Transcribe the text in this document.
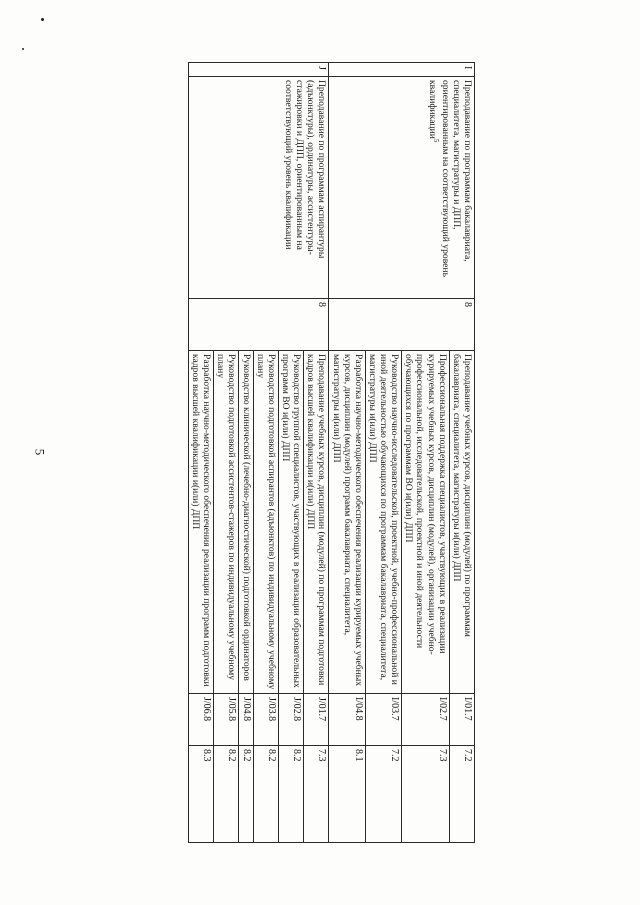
5
I	Преподавание по программам бакалавриата, специалитета, магистратуры и ДПП, ориентированным на соответствующий уровень квалификации$^5$	8	Преподавание учебных курсов, дисциплин (модулей) по программам бакалавриата, специалитета, магистратуры и(или) ДПП	I/01.7	7.2
			Профессиональная поддержка специалистов, участвующих в реализации курируемых учебных курсов, дисциплин (модулей), организации учебно-профессиональной, исследовательской, проектной и иной деятельности обучающихся по программам ВО и(или) ДПП	I/02.7	7.3
			Руководство научно-исследовательской, проектной, учебно-профессиональной и иной деятельностью обучающихся по программам бакалавриата, специалитета, магистратуры и(или) ДПП	I/03.7	7.2
			Разработка научно-методического обеспечения реализации курируемых учебных курсов, дисциплин (модулей) программ бакалавриата, специалитета, магистратуры и(или) ДПП	I/04.8	8.1
J	Преподавание по программам аспирантуры (адъюнктуры), ординатуры, ассистентуры-стажировки и ДПП, ориентированным на соответствующий уровень квалификации	8	Преподавание учебных курсов, дисциплин (модулей) по программам подготовки кадров высшей квалификации и(или) ДПП	J/01.7	7.3
			Руководство группой специалистов, участвующих в реализации образовательных программ ВО и(или) ДПП	J/02.8	8.2
			Руководство подготовкой аспирантов (адъюнктов) по индивидуальному учебному плану	J/03.8	8.2
			Руководство клинической (лечебно-диагностической) подготовкой ординаторов	J/04.8	8.2
			Руководство подготовкой ассистентов-стажеров по индивидуальному учебному плану	J/05.8	8.2
			Разработка научно-методического обеспечения реализации программ подготовки кадров высшей квалификации и(или) ДПП	J/06.8	8.3
